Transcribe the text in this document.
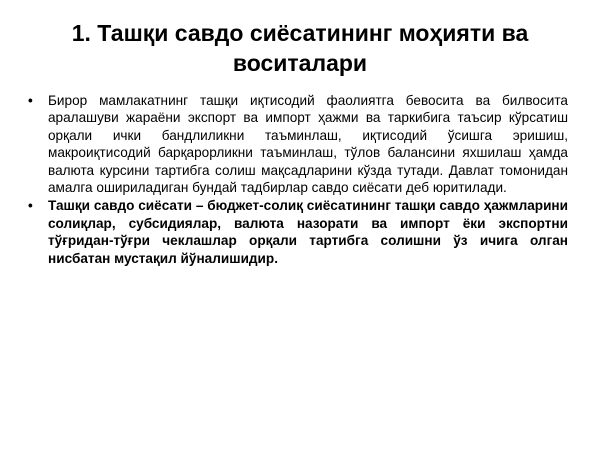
1. Ташқи савдо сиёсатининг моҳияти ва воситалари
•	Бирор мамлакатнинг ташқи иқтисодий фаолиятга бевосита ва билвосита аралашуви жараёни экспорт ва импорт ҳажми ва таркибига таъсир кўрсатиш орқали ички бандлиликни таъминлаш, иқтисодий ўсишга эришиш, макроиқтисодий барқарорликни таъминлаш, тўлов балансини яхшилаш ҳамда валюта курсини тартибга солиш мақсадларини кўзда тутади. Давлат томонидан амалга ошириладиган бундай тадбирлар савдо сиёсати деб юритилади.
•	Ташқи савдо сиёсати – бюджет-солиқ сиёсатининг ташқи савдо ҳажмларини солиқлар, субсидиялар, валюта назорати ва импорт ёки экспортни тўғридан-тўғри чеклашлар орқали тартибга солишни ўз ичига олган нисбатан мустақил йўналишидир.
